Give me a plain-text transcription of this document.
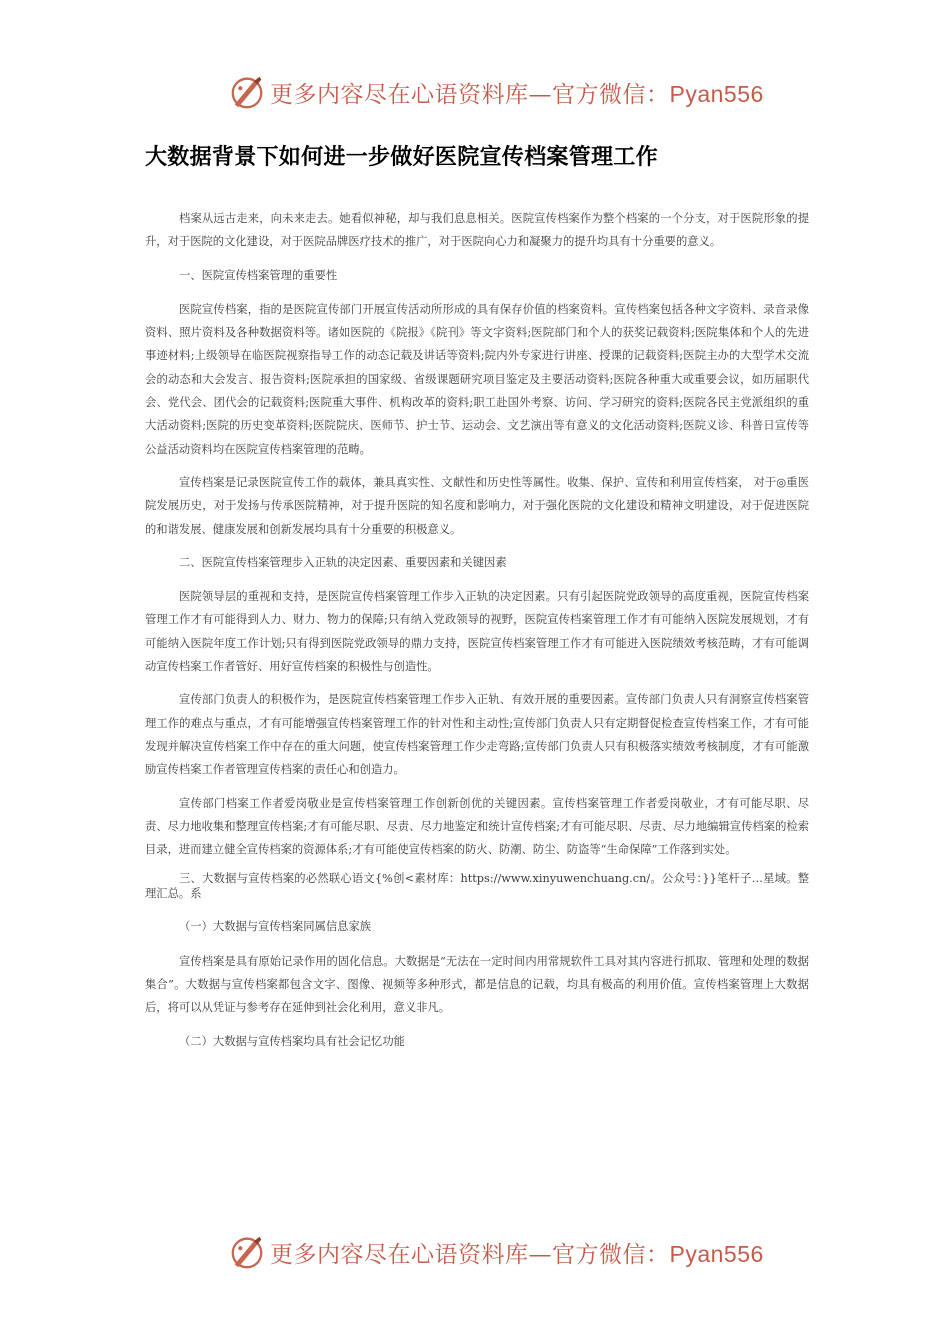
更多内容尽在心语资料库—官方微信：Pyan556
大数据背景下如何进一步做好医院宣传档案管理工作

档案从远古走来，向未来走去。她看似神秘，却与我们息息相关。医院宣传档案作为整个档案的一个分支，对于医院形象的提升，对于医院的文化建设，对于医院品牌医疗技术的推广，对于医院向心力和凝聚力的提升均具有十分重要的意义。

一、医院宣传档案管理的重要性

医院宣传档案，指的是医院宣传部门开展宣传活动所形成的具有保存价值的档案资料。宣传档案包括各种文字资料、录音录像资料、照片资料及各种数据资料等。诸如医院的《院报》《院刊》等文字资料;医院部门和个人的获奖记载资料;医院集体和个人的先进事迹材料;上级领导在临医院视察指导工作的动态记载及讲话等资料;院内外专家进行讲座、授课的记载资料;医院主办的大型学术交流会的动态和大会发言、报告资料;医院承担的国家级、省级课题研究项目鉴定及主要活动资料;医院各种重大或重要会议，如历届职代会、党代会、团代会的记载资料;医院重大事件、机构改革的资料;职工赴国外考察、访问、学习研究的资料;医院各民主党派组织的重大活动资料;医院的历史变革资料;医院院庆、医师节、护士节、运动会、文艺演出等有意义的文化活动资料;医院义诊、科普日宣传等公益活动资料均在医院宣传档案管理的范畴。

宣传档案是记录医院宣传工作的载体，兼具真实性、文献性和历史性等属性。收集、保护、宣传和利用宣传档案， 对于◎重医院发展历史，对于发扬与传承医院精神，对于提升医院的知名度和影响力，对于强化医院的文化建设和精神文明建设，对于促进医院的和谐发展、健康发展和创新发展均具有十分重要的积极意义。

二、医院宣传档案管理步入正轨的决定因素、重要因素和关键因素

医院领导层的重视和支持，是医院宣传档案管理工作步入正轨的决定因素。只有引起医院党政领导的高度重视，医院宣传档案管理工作才有可能得到人力、财力、物力的保障;只有纳入党政领导的视野，医院宣传档案管理工作才有可能纳入医院发展规划，才有可能纳入医院年度工作计划;只有得到医院党政领导的鼎力支持，医院宣传档案管理工作才有可能进入医院绩效考核范畴，才有可能调动宣传档案工作者管好、用好宣传档案的积极性与创造性。

宣传部门负责人的积极作为，是医院宣传档案管理工作步入正轨、有效开展的重要因素。宣传部门负责人只有洞察宣传档案管理工作的难点与重点，才有可能增强宣传档案管理工作的针对性和主动性;宣传部门负责人只有定期督促检查宣传档案工作，才有可能发现并解决宣传档案工作中存在的重大问题，使宣传档案管理工作少走弯路;宣传部门负责人只有积极落实绩效考核制度，才有可能激励宣传档案工作者管理宣传档案的责任心和创造力。

宣传部门档案工作者爱岗敬业是宣传档案管理工作创新创优的关键因素。宣传档案管理工作者爱岗敬业，才有可能尽职、尽责、尽力地收集和整理宣传档案;才有可能尽职、尽责、尽力地鉴定和统计宣传档案;才有可能尽职、尽责、尽力地编辑宣传档案的检索目录，进而建立健全宣传档案的资源体系;才有可能使宣传档案的防火、防潮、防尘、防盗等“生命保障”工作落到实处。

三、大数据与宣传档案的必然联心语文{%创<素材库：https://www.xinyuwenchuang.cn/。公众号：}}笔杆子…星域。整理汇总。系

（一）大数据与宣传档案同属信息家族

宣传档案是具有原始记录作用的固化信息。大数据是“无法在一定时间内用常规软件工具对其内容进行抓取、管理和处理的数据集合”。大数据与宣传档案都包含文字、图像、视频等多种形式，都是信息的记载，均具有极高的利用价值。宣传档案管理上大数据后，将可以从凭证与参考存在延伸到社会化利用，意义非凡。

（二）大数据与宣传档案均具有社会记忆功能

更多内容尽在心语资料库—官方微信：Pyan556
